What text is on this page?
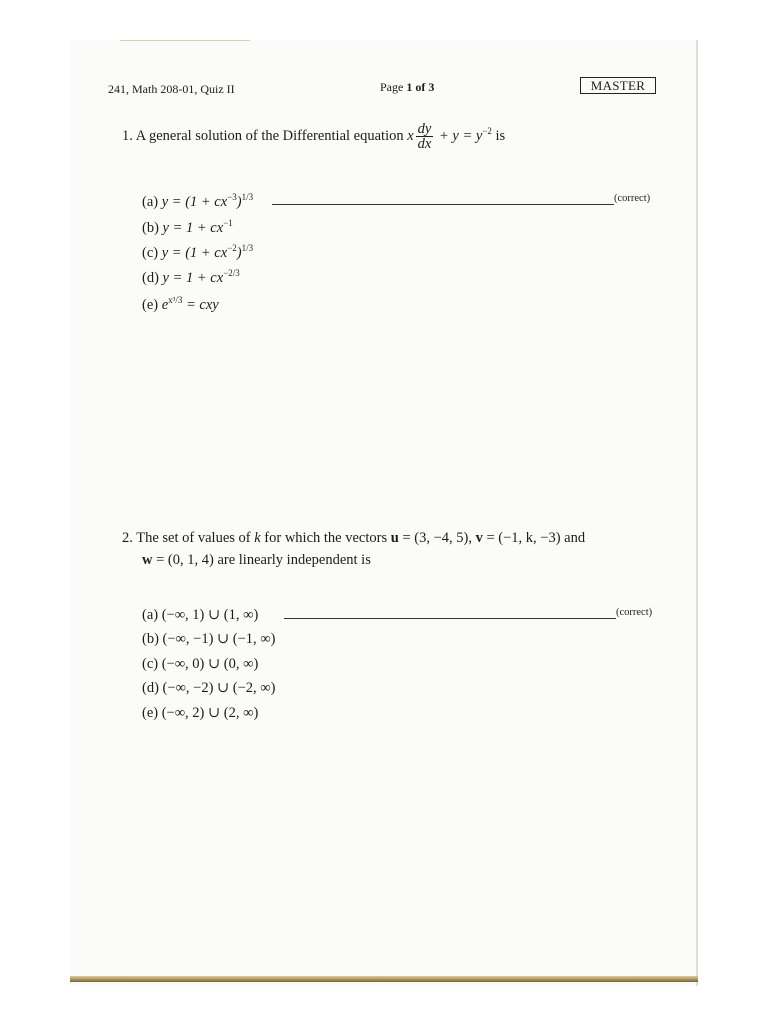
241, Math 208-01, Quiz II	Page 1 of 3	MASTER
1. A general solution of the Differential equation x $\frac{dy}{dx} + y = y^{-2}$ is
(a) $y = (1 + cx^{-3})^{1/3}$	(correct)
(b) $y = 1 + cx^{-1}$
(c) $y = (1 + cx^{-2})^{1/3}$
(d) $y = 1 + cx^{-2/3}$
(e) $e^{x^3/3}$ = cxy
2. The set of values of k for which the vectors u = (3, −4, 5), v = (−1, k, −3) and
w = (0, 1, 4) are linearly independent is
(a) (−∞, 1) ∪ (1, ∞)	(correct)
(b) (−∞, −1) ∪ (−1, ∞)
(c) (−∞, 0) ∪ (0, ∞)
(d) (−∞, −2) ∪ (−2, ∞)
(e) (−∞, 2) ∪ (2, ∞)
